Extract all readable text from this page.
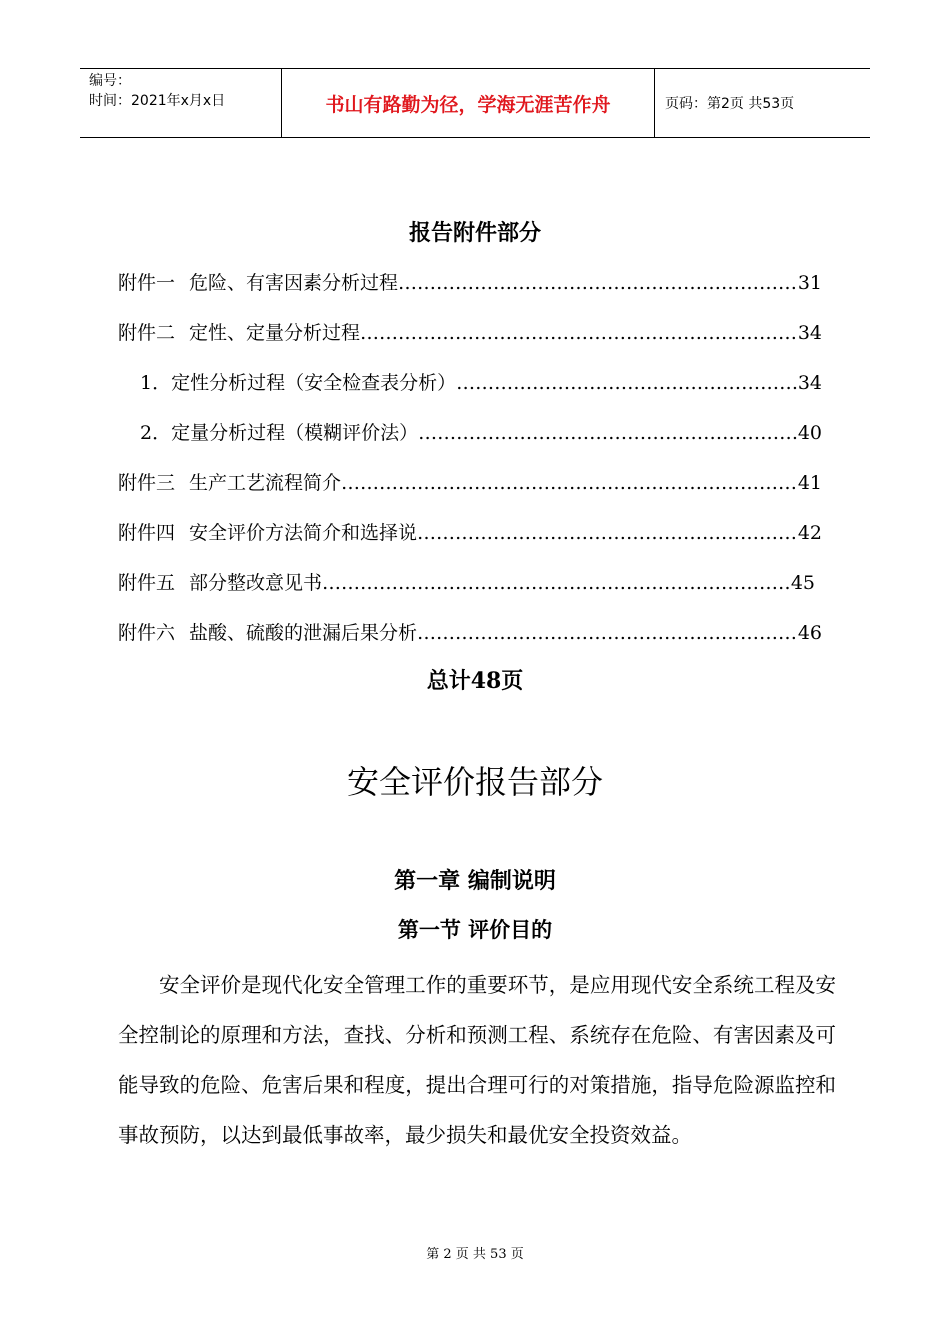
编号：
时间：2021年x月x日	书山有路勤为径，学海无涯苦作舟	页码：第2页 共53页
报告附件部分
附件一 危险、有害因素分析过程 ……………………………………………………………………………………………………………………………………………………	31
附件二 定性、定量分析过程 ……………………………………………………………………………………………………………………………………………………	34
1．定性分析过程（安全检查表分析） ……………………………………………………………………………………………………………………………………………………	34
2．定量分析过程（模糊评价法） ……………………………………………………………………………………………………………………………………………………	40
附件三 生产工艺流程简介 ……………………………………………………………………………………………………………………………………………………	41
附件四 安全评价方法简介和选择说 ……………………………………………………………………………………………………………………………………………………	42
附件五 部分整改意见书 ……………………………………………………………………………………………………………………………………………………	45
附件六 盐酸、硫酸的泄漏后果分析 ……………………………………………………………………………………………………………………………………………………	46
总计48页
安全评价报告部分
第一章 编制说明
第一节 评价目的
安全评价是现代化安全管理工作的重要环节，是应用现代安全系统工程及安全控制论的原理和方法，查找、分析和预测工程、系统存在危险、有害因素及可能导致的危险、危害后果和程度，提出合理可行的对策措施，指导危险源监控和事故预防，以达到最低事故率，最少损失和最优安全投资效益。
第 2 页 共 53 页
